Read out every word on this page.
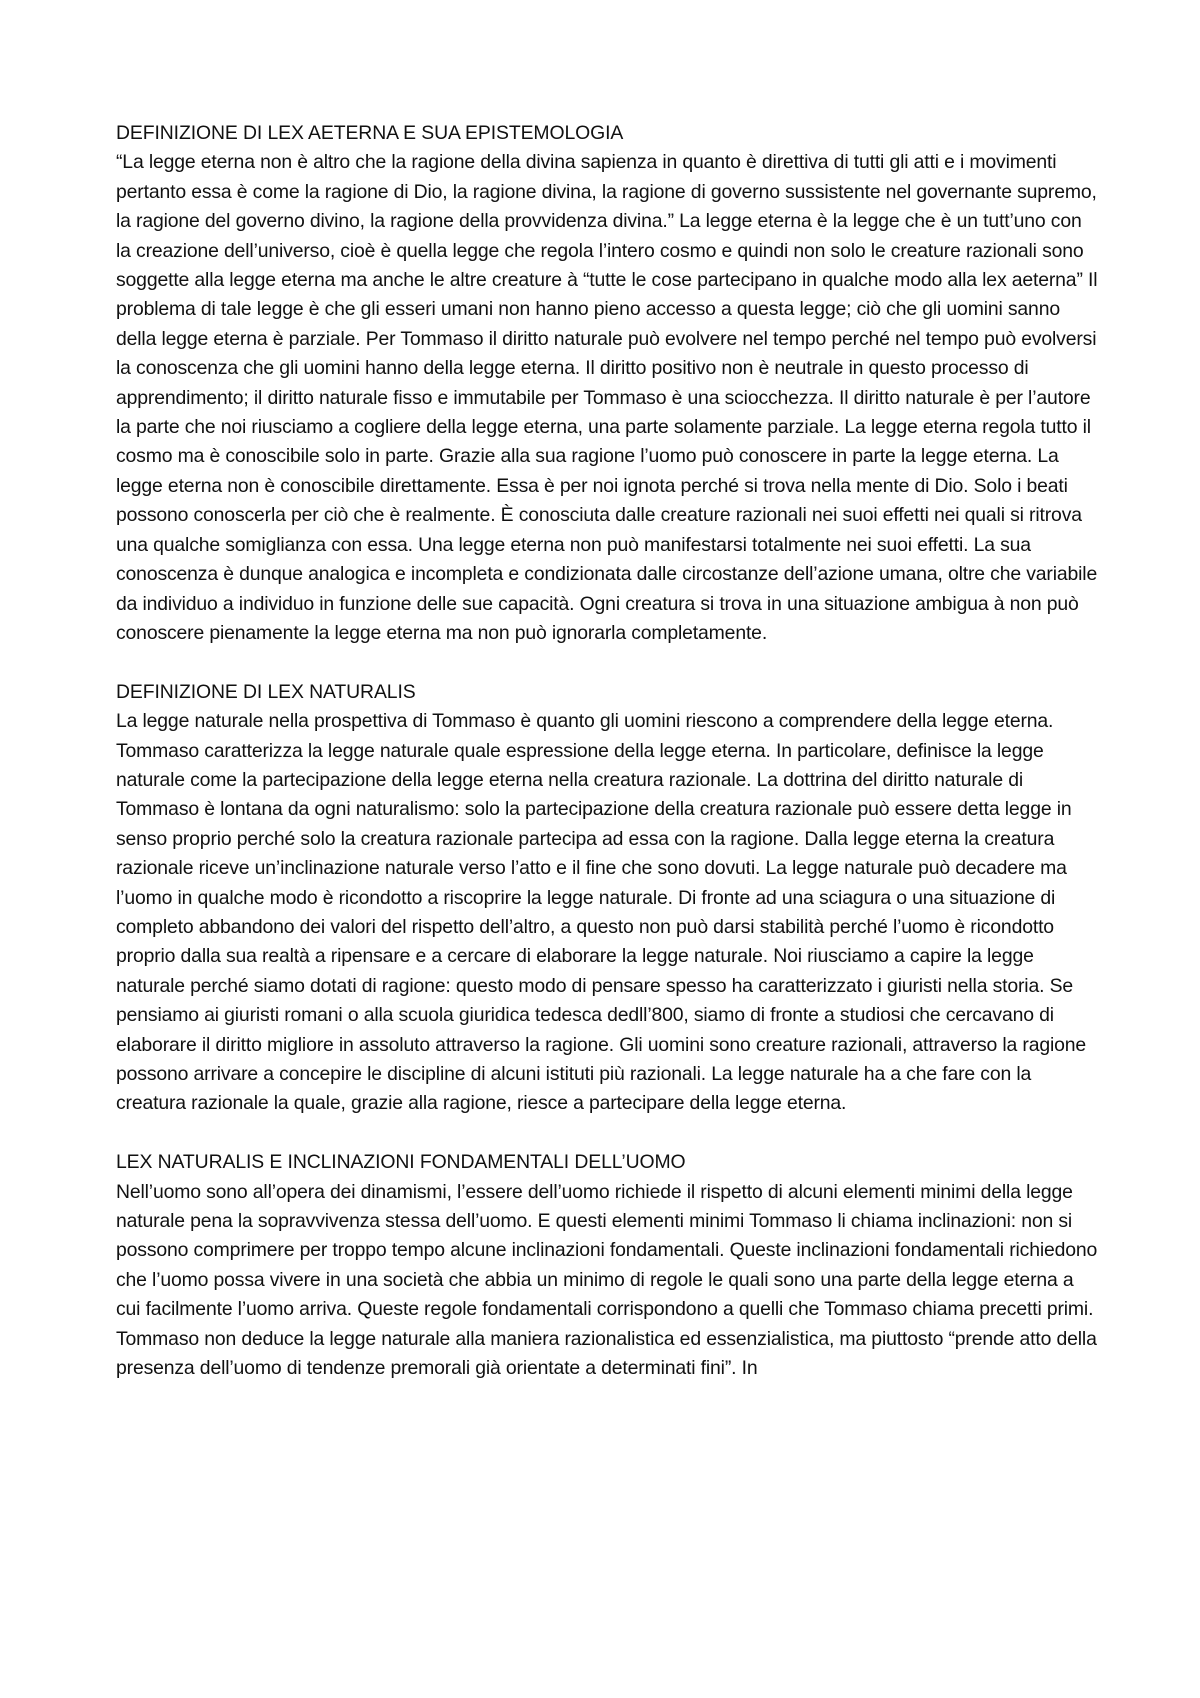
DEFINIZIONE DI LEX AETERNA E SUA EPISTEMOLOGIA

“La legge eterna non è altro che la ragione della divina sapienza in quanto è direttiva di tutti gli atti e i movimenti pertanto essa è come la ragione di Dio, la ragione divina, la ragione di governo sussistente nel governante supremo, la ragione del governo divino, la ragione della provvidenza divina.” La legge eterna è la legge che è un tutt’uno con la creazione dell’universo, cioè è quella legge che regola l’intero cosmo e quindi non solo le creature razionali sono soggette alla legge eterna ma anche le altre creature à “tutte le cose partecipano in qualche modo alla lex aeterna” Il problema di tale legge è che gli esseri umani non hanno pieno accesso a questa legge; ciò che gli uomini sanno della legge eterna è parziale. Per Tommaso il diritto naturale può evolvere nel tempo perché nel tempo può evolversi la conoscenza che gli uomini hanno della legge eterna. Il diritto positivo non è neutrale in questo processo di apprendimento; il diritto naturale fisso e immutabile per Tommaso è una sciocchezza. Il diritto naturale è per l’autore la parte che noi riusciamo a cogliere della legge eterna, una parte solamente parziale. La legge eterna regola tutto il cosmo ma è conoscibile solo in parte. Grazie alla sua ragione l’uomo può conoscere in parte la legge eterna. La legge eterna non è conoscibile direttamente. Essa è per noi ignota perché si trova nella mente di Dio. Solo i beati possono conoscerla per ciò che è realmente. È conosciuta dalle creature razionali nei suoi effetti nei quali si ritrova una qualche somiglianza con essa. Una legge eterna non può manifestarsi totalmente nei suoi effetti. La sua conoscenza è dunque analogica e incompleta e condizionata dalle circostanze dell’azione umana, oltre che variabile da individuo a individuo in funzione delle sue capacità. Ogni creatura si trova in una situazione ambigua à non può conoscere pienamente la legge eterna ma non può ignorarla completamente.

DEFINIZIONE DI LEX NATURALIS

La legge naturale nella prospettiva di Tommaso è quanto gli uomini riescono a comprendere della legge eterna. Tommaso caratterizza la legge naturale quale espressione della legge eterna. In particolare, definisce la legge naturale come la partecipazione della legge eterna nella creatura razionale. La dottrina del diritto naturale di Tommaso è lontana da ogni naturalismo: solo la partecipazione della creatura razionale può essere detta legge in senso proprio perché solo la creatura razionale partecipa ad essa con la ragione. Dalla legge eterna la creatura razionale riceve un’inclinazione naturale verso l’atto e il fine che sono dovuti. La legge naturale può decadere ma l’uomo in qualche modo è ricondotto a riscoprire la legge naturale. Di fronte ad una sciagura o una situazione di completo abbandono dei valori del rispetto dell’altro, a questo non può darsi stabilità perché l’uomo è ricondotto proprio dalla sua realtà a ripensare e a cercare di elaborare la legge naturale. Noi riusciamo a capire la legge naturale perché siamo dotati di ragione: questo modo di pensare spesso ha caratterizzato i giuristi nella storia. Se pensiamo ai giuristi romani o alla scuola giuridica tedesca dedll’800, siamo di fronte a studiosi che cercavano di elaborare il diritto migliore in assoluto attraverso la ragione. Gli uomini sono creature razionali, attraverso la ragione possono arrivare a concepire le discipline di alcuni istituti più razionali. La legge naturale ha a che fare con la creatura razionale la quale, grazie alla ragione, riesce a partecipare della legge eterna.

LEX NATURALIS E INCLINAZIONI FONDAMENTALI DELL’UOMO

Nell’uomo sono all’opera dei dinamismi, l’essere dell’uomo richiede il rispetto di alcuni elementi minimi della legge naturale pena la sopravvivenza stessa dell’uomo. E questi elementi minimi Tommaso li chiama inclinazioni: non si possono comprimere per troppo tempo alcune inclinazioni fondamentali. Queste inclinazioni fondamentali richiedono che l’uomo possa vivere in una società che abbia un minimo di regole le quali sono una parte della legge eterna a cui facilmente l’uomo arriva. Queste regole fondamentali corrispondono a quelli che Tommaso chiama precetti primi. Tommaso non deduce la legge naturale alla maniera razionalistica ed essenzialistica, ma piuttosto “prende atto della presenza dell’uomo di tendenze premorali già orientate a determinati fini”. In
